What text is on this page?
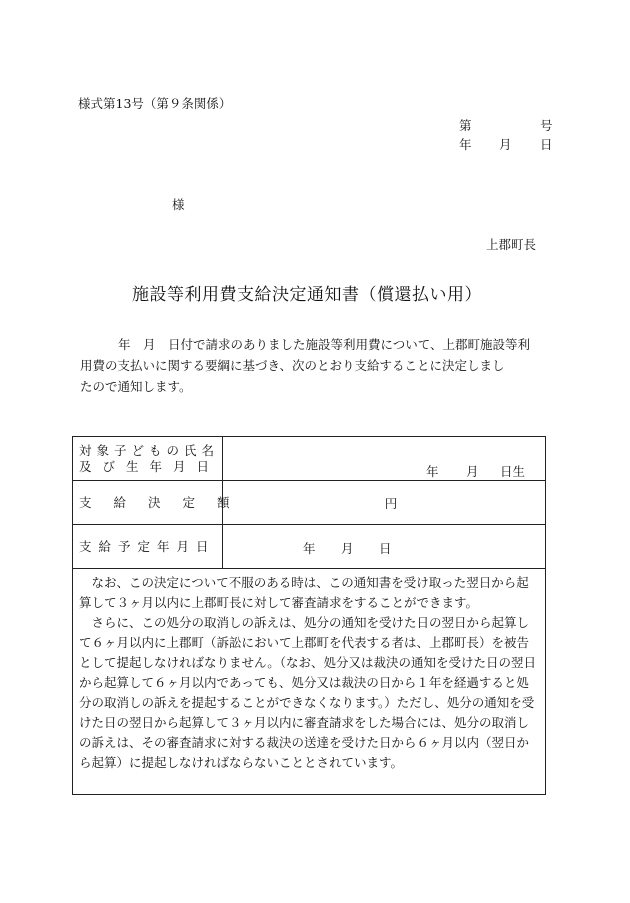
様式第13号（第９条関係）
第	号
年 月 日
様
上郡町長
施設等利用費支給決定通知書（償還払い用）

年　月　日付で請求のありました施設等利用費について、上郡町施設等利

用費の支払いに関する要綱に基づき、次のとおり支給することに決定しまし

たので通知します。

対象子どもの氏名
及び生年月日	年 月 日生

支給決定額	円

支給予定年月日	年 月 日

なお、この決定について不服のある時は、この通知書を受け取った翌日から起算して３ヶ月以内に上郡町長に対して審査請求をすることができます。

さらに、この処分の取消しの訴えは、処分の通知を受けた日の翌日から起算して６ヶ月以内に上郡町（訴訟において上郡町を代表する者は、上郡町長）を被告として提起しなければなりません。（なお、処分又は裁決の通知を受けた日の翌日から起算して６ヶ月以内であっても、処分又は裁決の日から１年を経過すると処分の取消しの訴えを提起することができなくなります。）ただし、処分の通知を受けた日の翌日から起算して３ヶ月以内に審査請求をした場合には、処分の取消しの訴えは、その審査請求に対する裁決の送達を受けた日から６ヶ月以内（翌日から起算）に提起しなければならないこととされています。	
